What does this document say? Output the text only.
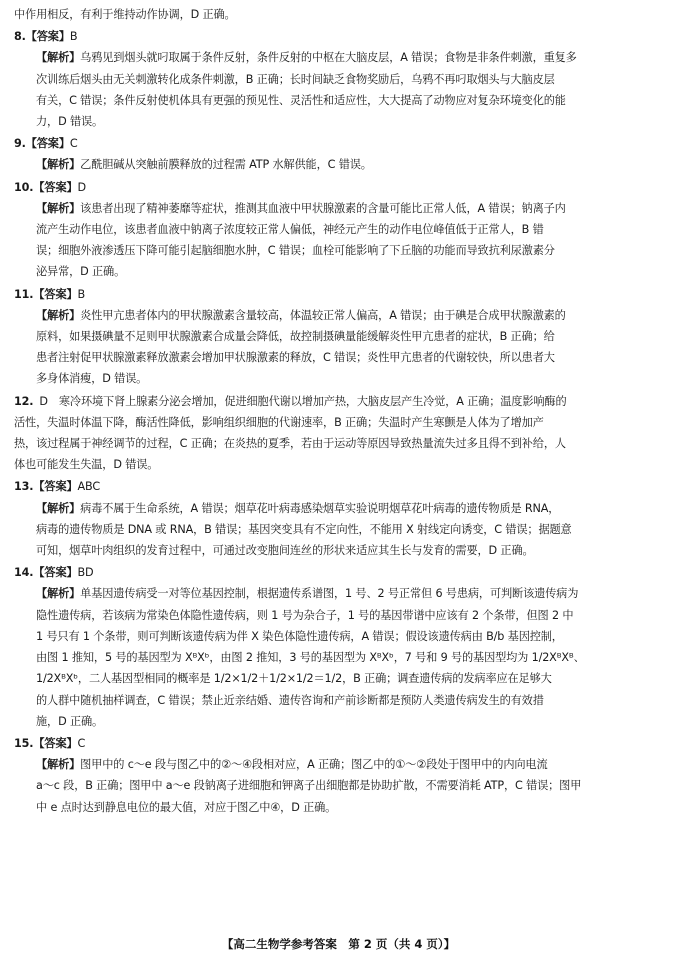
中作用相反，有利于维持动作协调，D 正确。
8.【答案】B
【解析】乌鸦见到烟头就叼取属于条件反射，条件反射的中枢在大脑皮层，A 错误；食物是非条件刺激，重复多
次训练后烟头由无关刺激转化成条件刺激，B 正确；长时间缺乏食物奖励后，乌鸦不再叼取烟头与大脑皮层
有关，C 错误；条件反射使机体具有更强的预见性、灵活性和适应性，大大提高了动物应对复杂环境变化的能
力，D 错误。
9.【答案】C
【解析】乙酰胆碱从突触前膜释放的过程需 ATP 水解供能，C 错误。
10.【答案】D
【解析】该患者出现了精神萎靡等症状，推测其血液中甲状腺激素的含量可能比正常人低，A 错误；钠离子内
流产生动作电位，该患者血液中钠离子浓度较正常人偏低，神经元产生的动作电位峰值低于正常人，B 错
误；细胞外液渗透压下降可能引起脑细胞水肿，C 错误；血栓可能影响了下丘脑的功能而导致抗利尿激素分
泌异常，D 正确。
11.【答案】B
【解析】炎性甲亢患者体内的甲状腺激素含量较高，体温较正常人偏高，A 错误；由于碘是合成甲状腺激素的
原料，如果摄碘量不足则甲状腺激素合成量会降低，故控制摄碘量能缓解炎性甲亢患者的症状，B 正确；给
患者注射促甲状腺激素释放激素会增加甲状腺激素的释放，C 错误；炎性甲亢患者的代谢较快，所以患者大
多身体消瘦，D 错误。
12. D　寒冷环境下肾上腺素分泌会增加，促进细胞代谢以增加产热，大脑皮层产生冷觉，A 正确；温度影响酶的
活性，失温时体温下降，酶活性降低，影响组织细胞的代谢速率，B 正确；失温时产生寒颤是人体为了增加产
热，该过程属于神经调节的过程，C 正确；在炎热的夏季，若由于运动等原因导致热量流失过多且得不到补给，人
体也可能发生失温，D 错误。
13.【答案】ABC
【解析】病毒不属于生命系统，A 错误；烟草花叶病毒感染烟草实验说明烟草花叶病毒的遗传物质是 RNA，
病毒的遗传物质是 DNA 或 RNA，B 错误；基因突变具有不定向性，不能用 X 射线定向诱变，C 错误；据题意
可知，烟草叶肉组织的发育过程中，可通过改变胞间连丝的形状来适应其生长与发育的需要，D 正确。
14.【答案】BD
【解析】单基因遗传病受一对等位基因控制，根据遗传系谱图，1 号、2 号正常但 6 号患病，可判断该遗传病为
隐性遗传病，若该病为常染色体隐性遗传病，则 1 号为杂合子，1 号的基因带谱中应该有 2 个条带，但图 2 中
1 号只有 1 个条带，则可判断该遗传病为伴 X 染色体隐性遗传病，A 错误；假设该遗传病由 B/b 基因控制，
由图 1 推知，5 号的基因型为 XᴮXᵇ，由图 2 推知，3 号的基因型为 XᴮXᵇ，7 号和 9 号的基因型均为 1/2XᴮXᴮ、
1/2XᴮXᵇ，二人基因型相同的概率是 1/2×1/2＋1/2×1/2＝1/2，B 正确；调查遗传病的发病率应在足够大
的人群中随机抽样调查，C 错误；禁止近亲结婚、遗传咨询和产前诊断都是预防人类遗传病发生的有效措
施，D 正确。
15.【答案】C
【解析】图甲中的 c～e 段与图乙中的②～④段相对应，A 正确；图乙中的①～②段处于图甲中的内向电流
a～c 段，B 正确；图甲中 a～e 段钠离子进细胞和钾离子出细胞都是协助扩散，不需要消耗 ATP，C 错误；图甲
中 e 点时达到静息电位的最大值，对应于图乙中④，D 正确。
【高二生物学参考答案　第 2 页（共 4 页）】
